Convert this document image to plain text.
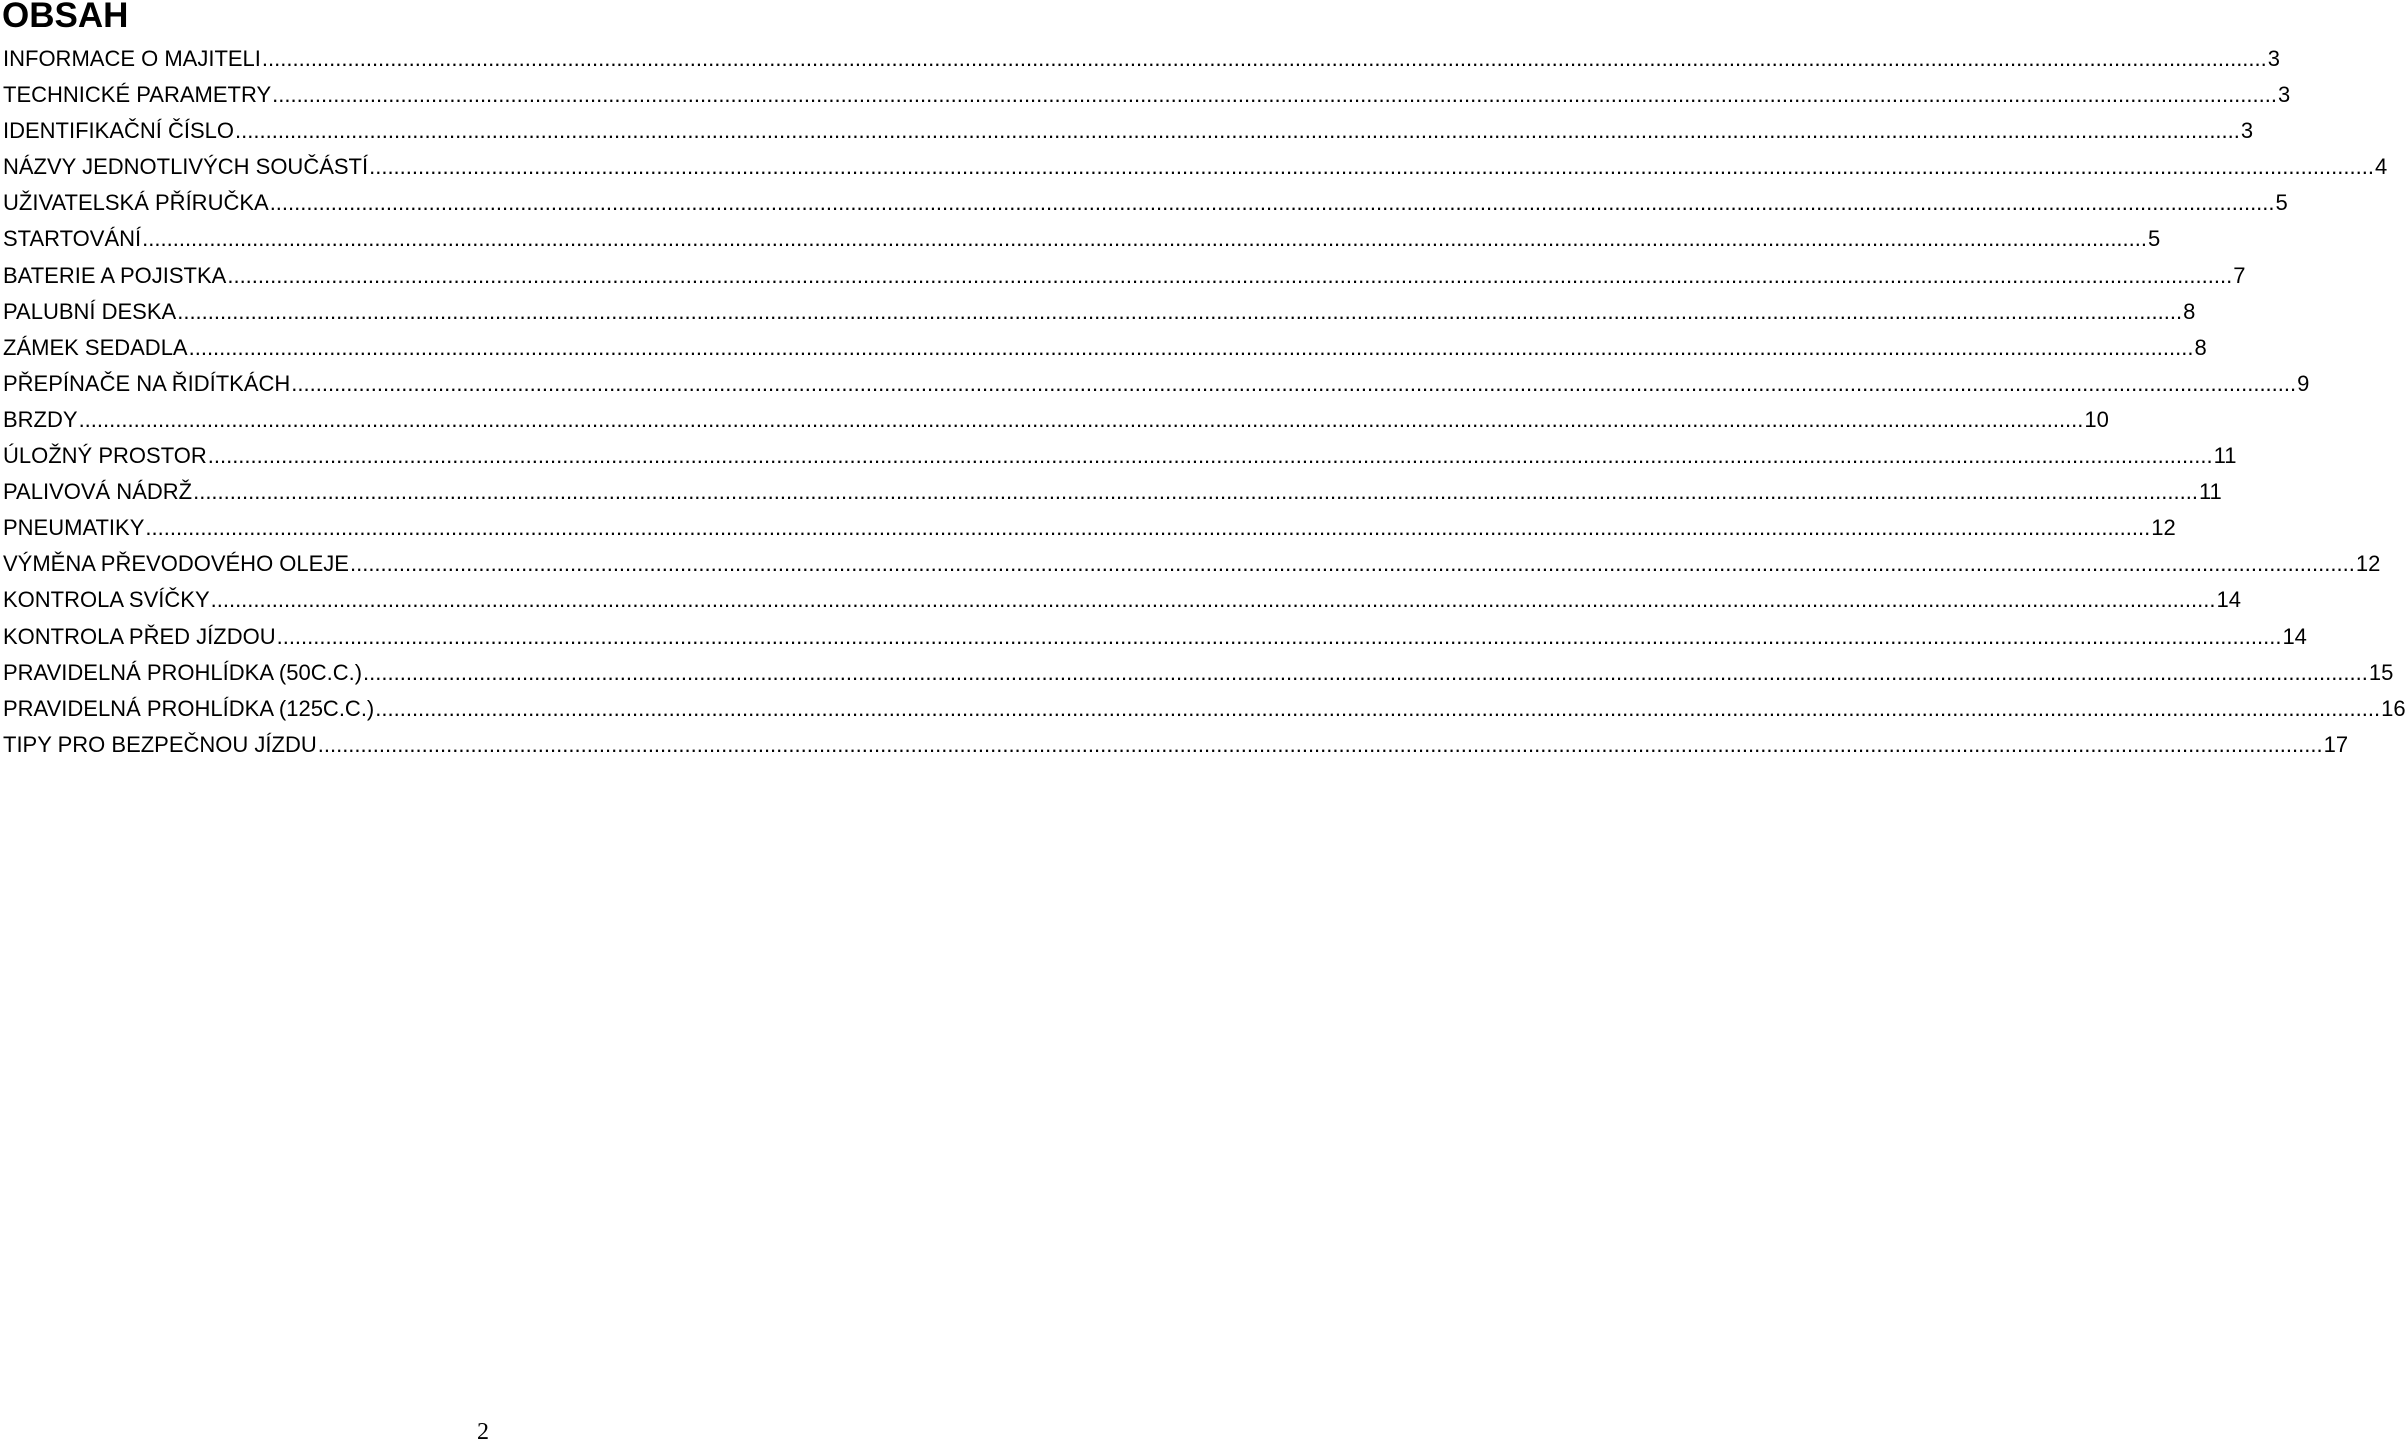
OBSAH
INFORMACE O MAJITELI .....	3
TECHNICKÉ PARAMETRY .....	3
IDENTIFIKAČNÍ ČÍSLO .....	3
NÁZVY JEDNOTLIVÝCH SOUČÁSTÍ .....	4
UŽIVATELSKÁ PŘÍRUČKA .....	5
STARTOVÁNÍ .....	5
BATERIE A POJISTKA .....	7
PALUBNÍ DESKA .....	8
ZÁMEK SEDADLA .....	8
PŘEPÍNAČE NA ŘIDÍTKÁCH .....	9
BRZDY .....	10
ÚLOŽNÝ PROSTOR .....	11
PALIVOVÁ NÁDRŽ .....	11
PNEUMATIKY .....	12
VÝMĚNA PŘEVODOVÉHO OLEJE .....	12
KONTROLA SVÍČKY .....	14
KONTROLA PŘED JÍZDOU .....	14
PRAVIDELNÁ PROHLÍDKA (50C.C.) .....	15
PRAVIDELNÁ PROHLÍDKA (125C.C.) .....	16
TIPY PRO BEZPEČNOU JÍZDU .....	17
2
